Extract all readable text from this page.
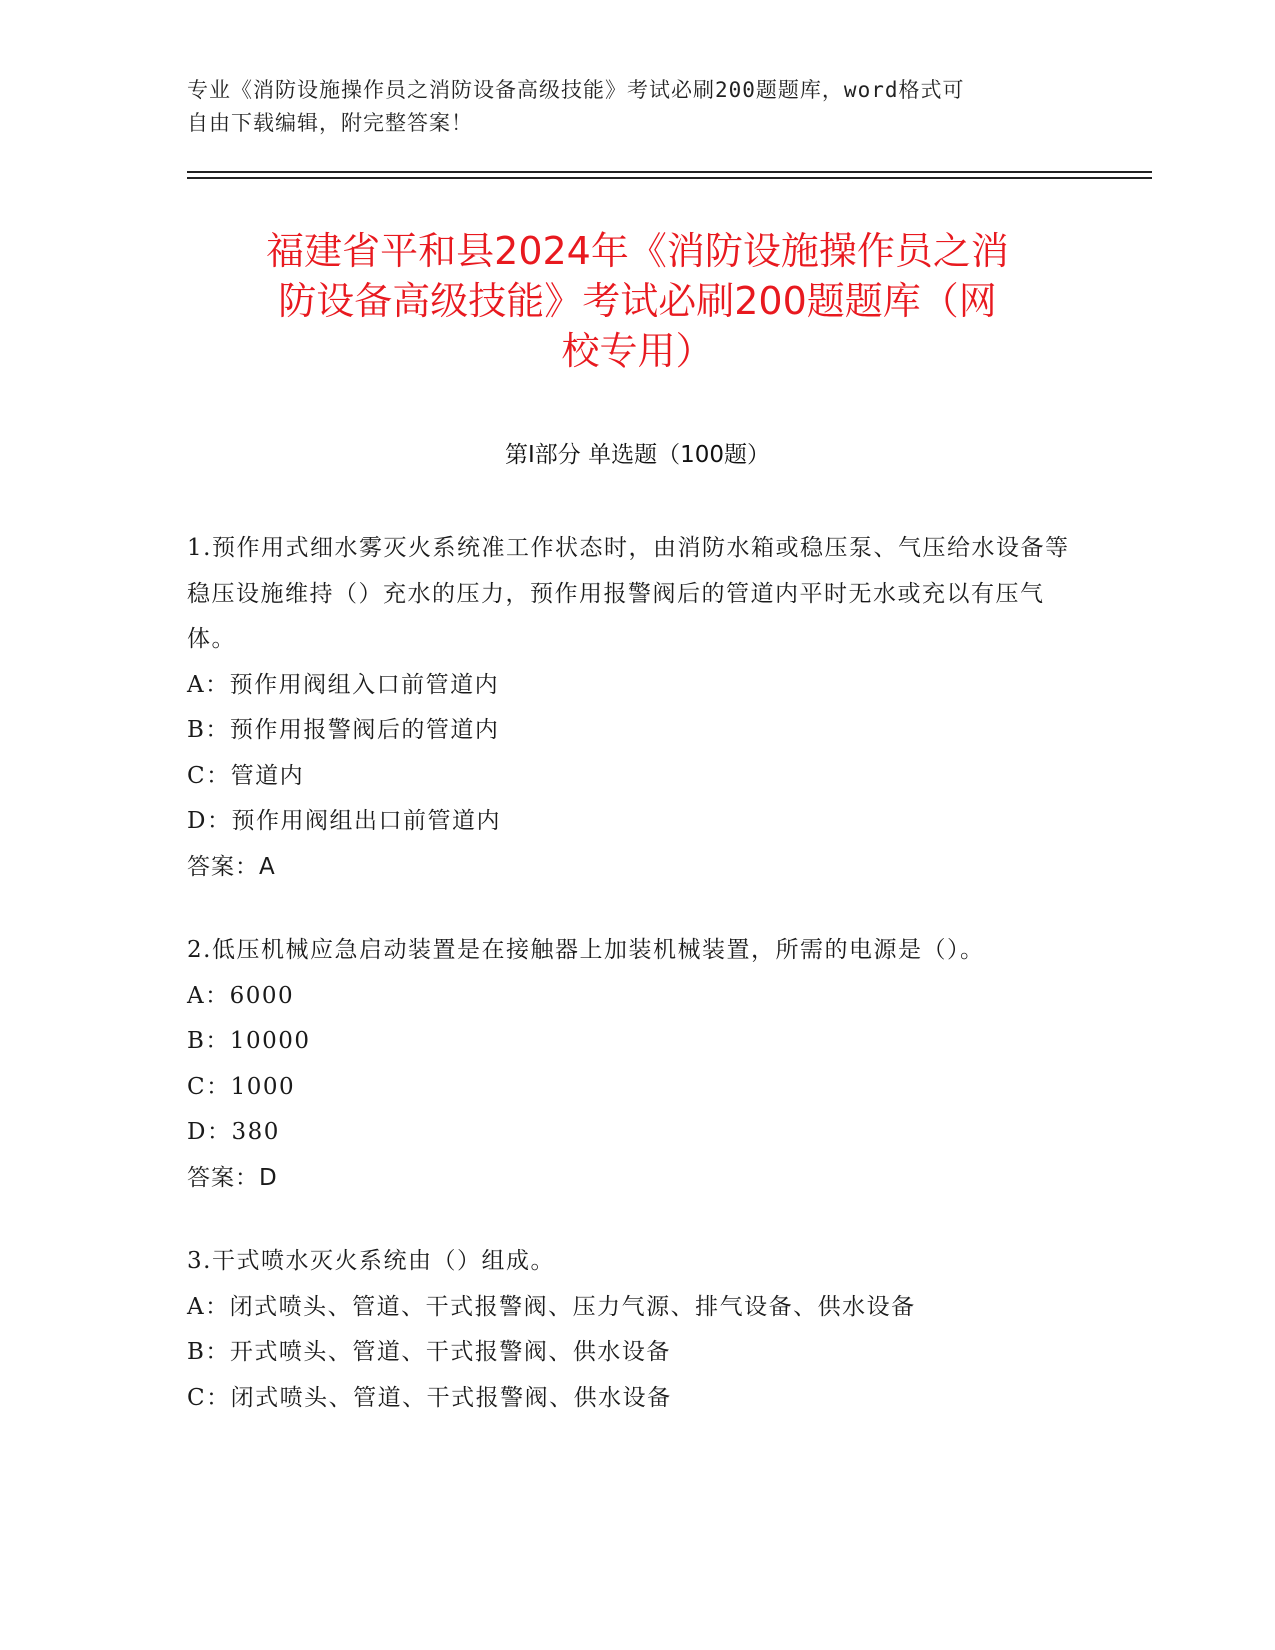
专业《消防设施操作员之消防设备高级技能》考试必刷200题题库，word格式可
自由下载编辑，附完整答案！
福建省平和县2024年《消防设施操作员之消
防设备高级技能》考试必刷200题题库（网
校专用）
第Ⅰ部分 单选题（100题）
1.预作用式细水雾灭火系统准工作状态时，由消防水箱或稳压泵、气压给水设备等稳压设施维持（）充水的压力，预作用报警阀后的管道内平时无水或充以有压气体。
A：预作用阀组入口前管道内
B：预作用报警阀后的管道内
C：管道内
D：预作用阀组出口前管道内
答案：A
2.低压机械应急启动装置是在接触器上加装机械装置，所需的电源是（）。
A：6000
B：10000
C：1000
D：380
答案：D
3.干式喷水灭火系统由（）组成。
A：闭式喷头、管道、干式报警阀、压力气源、排气设备、供水设备
B：开式喷头、管道、干式报警阀、供水设备
C：闭式喷头、管道、干式报警阀、供水设备
